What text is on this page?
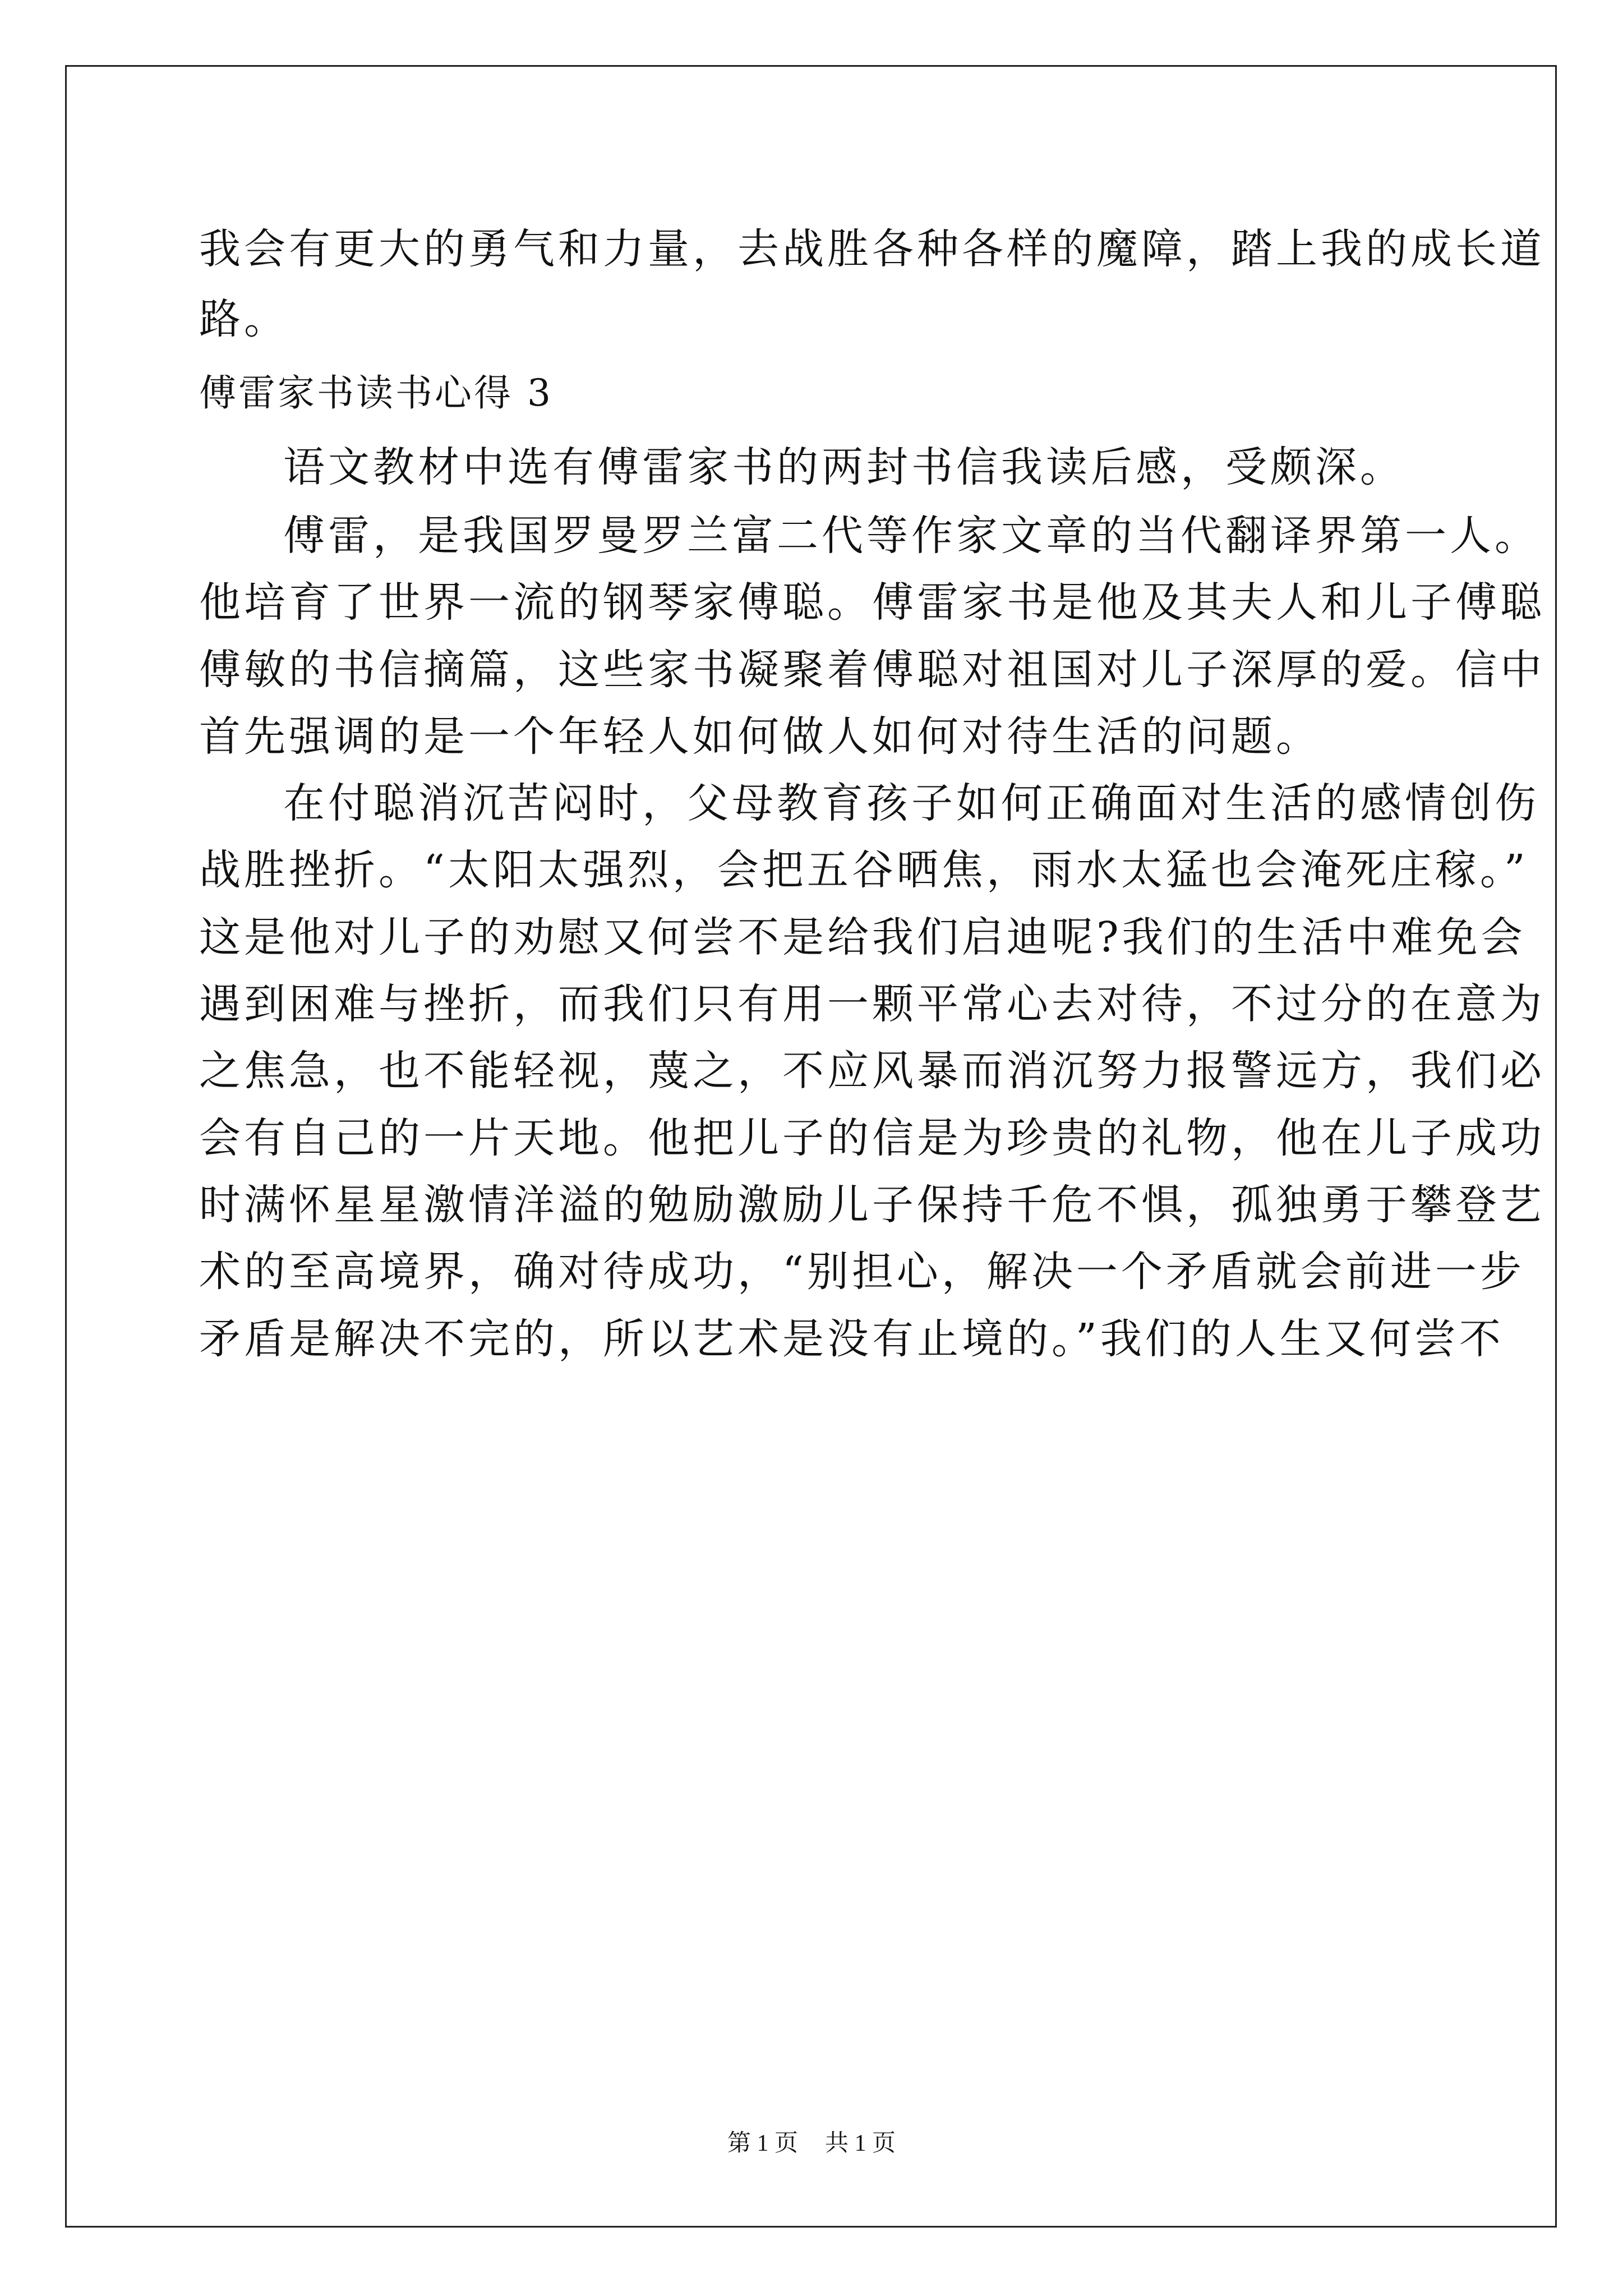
我会有更大的勇气和力量，去战胜各种各样的魔障，踏上我的成长道
路。
傅雷家书读书心得 3
语文教材中选有傅雷家书的两封书信我读后感，受颇深。
傅雷，是我国罗曼罗兰富二代等作家文章的当代翻译界第一人。
他培育了世界一流的钢琴家傅聪。傅雷家书是他及其夫人和儿子傅聪
傅敏的书信摘篇，这些家书凝聚着傅聪对祖国对儿子深厚的爱。信中
首先强调的是一个年轻人如何做人如何对待生活的问题。
在付聪消沉苦闷时，父母教育孩子如何正确面对生活的感情创伤
战胜挫折。“太阳太强烈，会把五谷晒焦，雨水太猛也会淹死庄稼。”
这是他对儿子的劝慰又何尝不是给我们启迪呢?我们的生活中难免会
遇到困难与挫折，而我们只有用一颗平常心去对待，不过分的在意为
之焦急，也不能轻视，蔑之，不应风暴而消沉努力报警远方，我们必
会有自己的一片天地。他把儿子的信是为珍贵的礼物，他在儿子成功
时满怀星星激情洋溢的勉励激励儿子保持千危不惧，孤独勇于攀登艺
术的至高境界，确对待成功，“别担心，解决一个矛盾就会前进一步
矛盾是解决不完的，所以艺术是没有止境的。”我们的人生又何尝不
第 1 页 共 1 页
